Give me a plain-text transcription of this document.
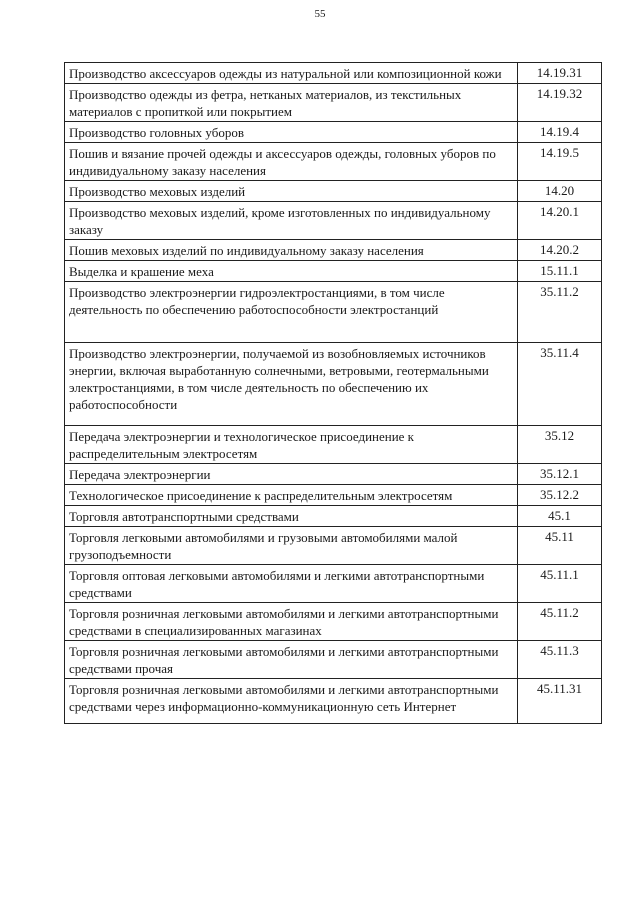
55
Производство аксессуаров одежды из натуральной или композиционной кожи	14.19.31
Производство одежды из фетра, нетканых материалов, из текстильных материалов с пропиткой или покрытием	14.19.32
Производство головных уборов	14.19.4
Пошив и вязание прочей одежды и аксессуаров одежды, головных уборов по индивидуальному заказу населения	14.19.5
Производство меховых изделий	14.20
Производство меховых изделий, кроме изготовленных по индивидуальному заказу	14.20.1
Пошив меховых изделий по индивидуальному заказу населения	14.20.2
Выделка и крашение меха	15.11.1
Производство электроэнергии гидроэлектростанциями, в том числе деятельность по обеспечению работоспособности электростанций	35.11.2
Производство электроэнергии, получаемой из возобновляемых источников энергии, включая выработанную солнечными, ветровыми, геотермальными электростанциями, в том числе деятельность по обеспечению их работоспособности	35.11.4
Передача электроэнергии и технологическое присоединение к распределительным электросетям	35.12
Передача электроэнергии	35.12.1
Технологическое присоединение к распределительным электросетям	35.12.2
Торговля автотранспортными средствами	45.1
Торговля легковыми автомобилями и грузовыми автомобилями малой грузоподъемности	45.11
Торговля оптовая легковыми автомобилями и легкими автотранспортными средствами	45.11.1
Торговля розничная легковыми автомобилями и легкими автотранспортными средствами в специализированных магазинах	45.11.2
Торговля розничная легковыми автомобилями и легкими автотранспортными средствами прочая	45.11.3
Торговля розничная легковыми автомобилями и легкими автотранспортными средствами через информационно-коммуникационную сеть Интернет	45.11.31
